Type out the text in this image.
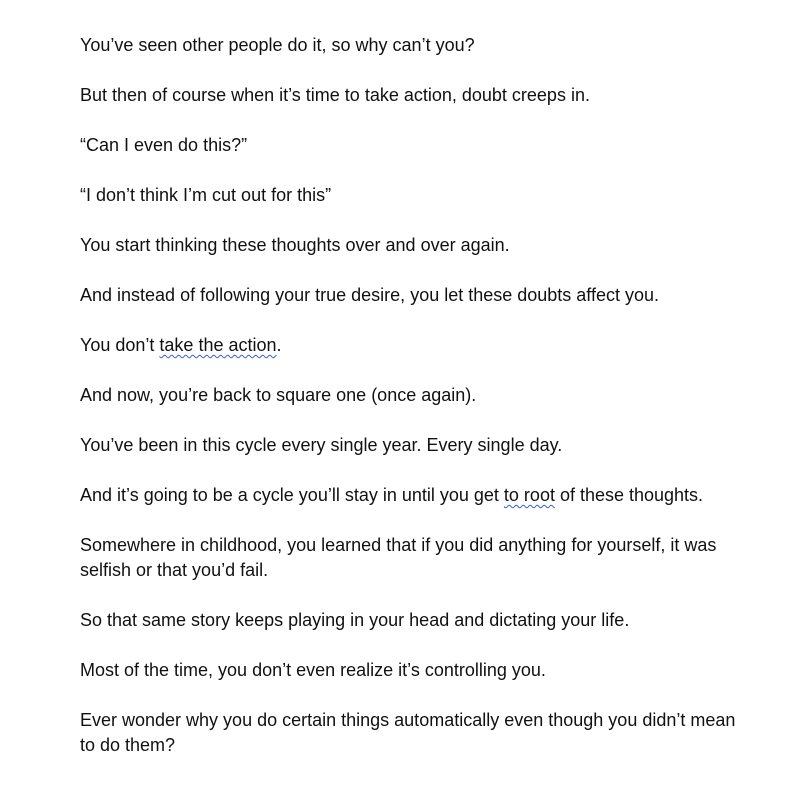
You’ve seen other people do it, so why can’t you?

But then of course when it’s time to take action, doubt creeps in.

“Can I even do this?”

“I don’t think I’m cut out for this”

You start thinking these thoughts over and over again.

And instead of following your true desire, you let these doubts affect you.

You don’t take the action.

And now, you’re back to square one (once again).

You’ve been in this cycle every single year. Every single day.

And it’s going to be a cycle you’ll stay in until you get to root of these thoughts.

Somewhere in childhood, you learned that if you did anything for yourself, it was selfish or that you’d fail.

So that same story keeps playing in your head and dictating your life.

Most of the time, you don’t even realize it’s controlling you.

Ever wonder why you do certain things automatically even though you didn’t mean to do them?
